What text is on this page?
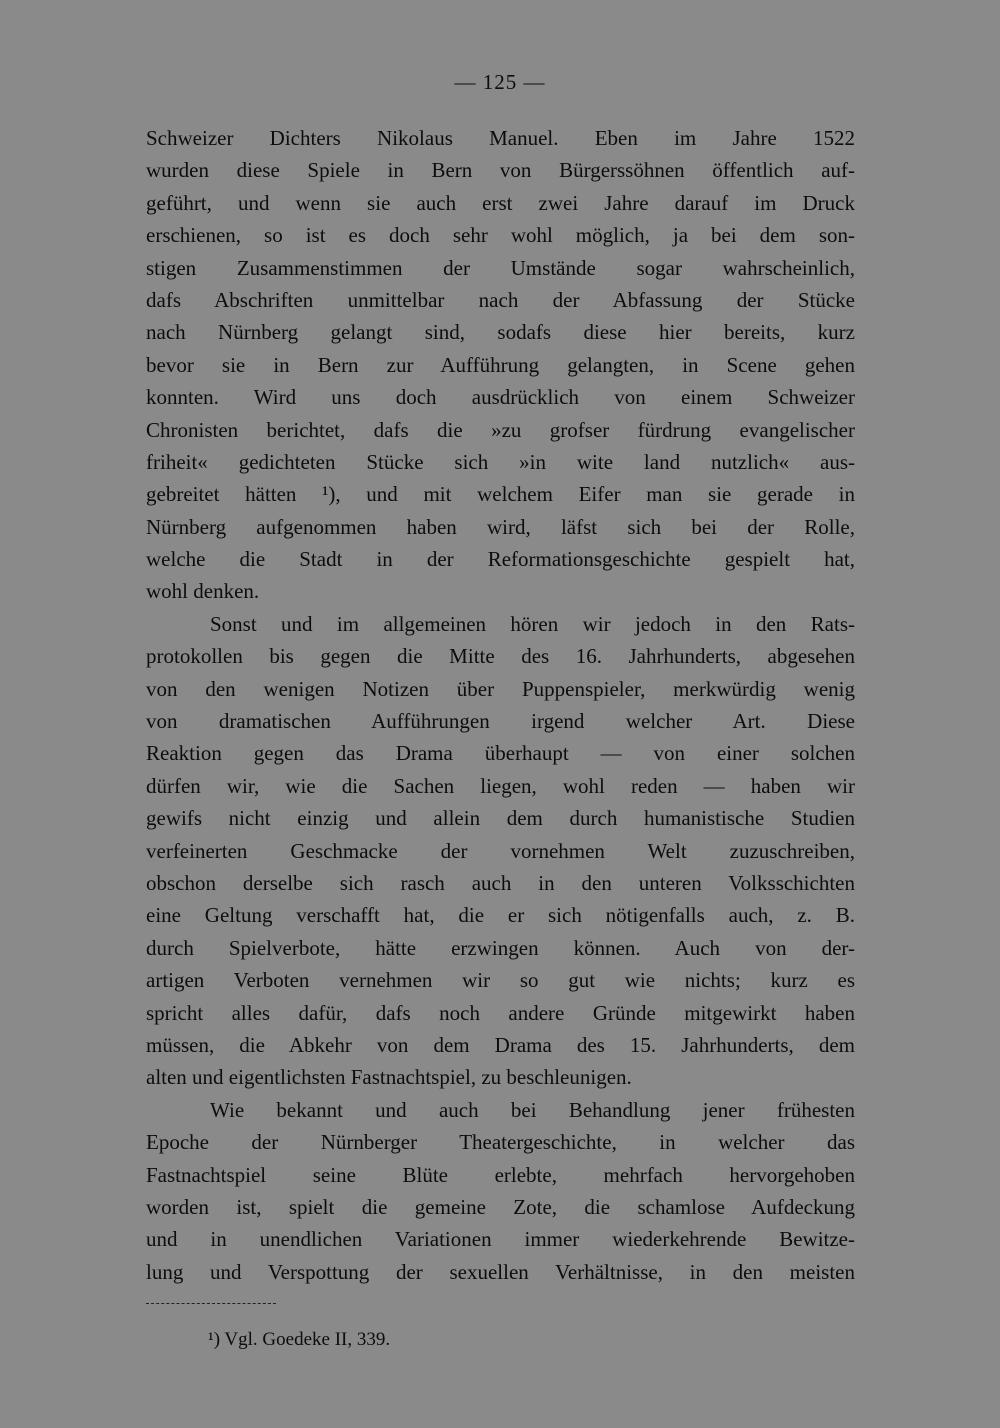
— 125 —
Schweizer Dichters Nikolaus Manuel. Eben im Jahre 1522
wurden diese Spiele in Bern von Bürgerssöhnen öffentlich auf-
geführt, und wenn sie auch erst zwei Jahre darauf im Druck
erschienen, so ist es doch sehr wohl möglich, ja bei dem son-
stigen Zusammenstimmen der Umstände sogar wahrscheinlich,
dafs Abschriften unmittelbar nach der Abfassung der Stücke
nach Nürnberg gelangt sind, sodafs diese hier bereits, kurz
bevor sie in Bern zur Aufführung gelangten, in Scene gehen
konnten. Wird uns doch ausdrücklich von einem Schweizer
Chronisten berichtet, dafs die »zu grofser fürdrung evangelischer
friheit« gedichteten Stücke sich »in wite land nutzlich« aus-
gebreitet hätten ¹), und mit welchem Eifer man sie gerade in
Nürnberg aufgenommen haben wird, läfst sich bei der Rolle,
welche die Stadt in der Reformationsgeschichte gespielt hat,
wohl denken.
Sonst und im allgemeinen hören wir jedoch in den Rats-
protokollen bis gegen die Mitte des 16. Jahrhunderts, abgesehen
von den wenigen Notizen über Puppenspieler, merkwürdig wenig
von dramatischen Aufführungen irgend welcher Art. Diese
Reaktion gegen das Drama überhaupt — von einer solchen
dürfen wir, wie die Sachen liegen, wohl reden — haben wir
gewifs nicht einzig und allein dem durch humanistische Studien
verfeinerten Geschmacke der vornehmen Welt zuzuschreiben,
obschon derselbe sich rasch auch in den unteren Volksschichten
eine Geltung verschafft hat, die er sich nötigenfalls auch, z. B.
durch Spielverbote, hätte erzwingen können. Auch von der-
artigen Verboten vernehmen wir so gut wie nichts; kurz es
spricht alles dafür, dafs noch andere Gründe mitgewirkt haben
müssen, die Abkehr von dem Drama des 15. Jahrhunderts, dem
alten und eigentlichsten Fastnachtspiel, zu beschleunigen.
Wie bekannt und auch bei Behandlung jener frühesten
Epoche der Nürnberger Theatergeschichte, in welcher das
Fastnachtspiel seine Blüte erlebte, mehrfach hervorgehoben
worden ist, spielt die gemeine Zote, die schamlose Aufdeckung
und in unendlichen Variationen immer wiederkehrende Bewitze-
lung und Verspottung der sexuellen Verhältnisse, in den meisten
¹) Vgl. Goedeke II, 339.
